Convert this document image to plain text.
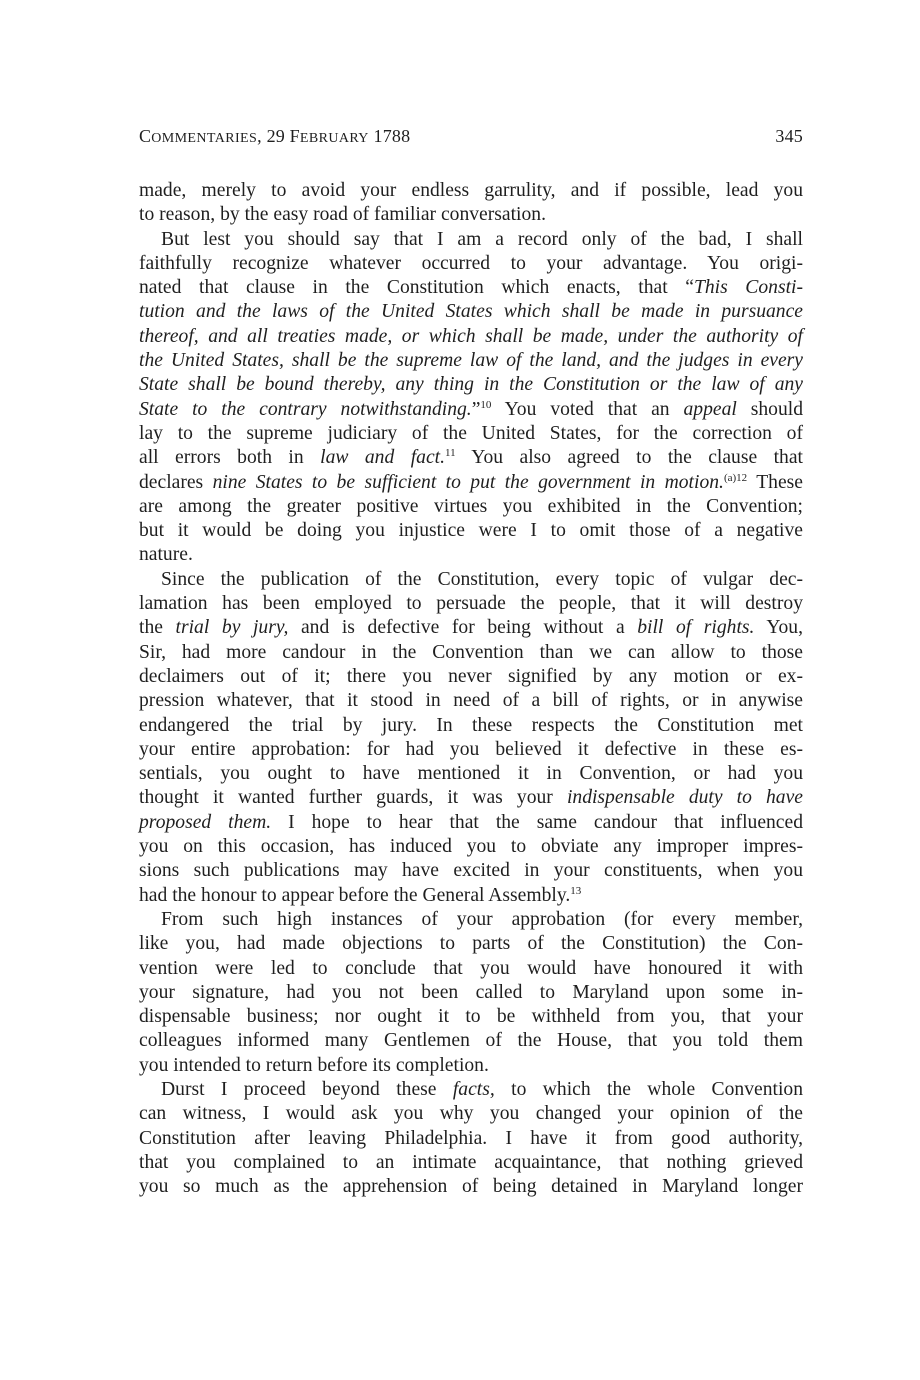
COMMENTARIES, 29 FEBRUARY 1788	345
made, merely to avoid your endless garrulity, and if possible, lead you
to reason, by the easy road of familiar conversation.
But lest you should say that I am a record only of the bad, I shall
faithfully recognize whatever occurred to your advantage. You origi-
nated that clause in the Constitution which enacts, that “This Consti-
tution and the laws of the United States which shall be made in pursuance
thereof, and all treaties made, or which shall be made, under the authority of
the United States, shall be the supreme law of the land, and the judges in every
State shall be bound thereby, any thing in the Constitution or the law of any
State to the contrary notwithstanding.”$^{10}$ You voted that an appeal should
lay to the supreme judiciary of the United States, for the correction of
all errors both in law and fact.$^{11}$ You also agreed to the clause that
declares nine States to be sufficient to put the government in motion.$^{(a)12}$ These
are among the greater positive virtues you exhibited in the Convention;
but it would be doing you injustice were I to omit those of a negative
nature.
Since the publication of the Constitution, every topic of vulgar dec-
lamation has been employed to persuade the people, that it will destroy
the trial by jury, and is defective for being without a bill of rights. You,
Sir, had more candour in the Convention than we can allow to those
declaimers out of it; there you never signified by any motion or ex-
pression whatever, that it stood in need of a bill of rights, or in anywise
endangered the trial by jury. In these respects the Constitution met
your entire approbation: for had you believed it defective in these es-
sentials, you ought to have mentioned it in Convention, or had you
thought it wanted further guards, it was your indispensable duty to have
proposed them. I hope to hear that the same candour that influenced
you on this occasion, has induced you to obviate any improper impres-
sions such publications may have excited in your constituents, when you
had the honour to appear before the General Assembly.$^{13}$
From such high instances of your approbation (for every member,
like you, had made objections to parts of the Constitution) the Con-
vention were led to conclude that you would have honoured it with
your signature, had you not been called to Maryland upon some in-
dispensable business; nor ought it to be withheld from you, that your
colleagues informed many Gentlemen of the House, that you told them
you intended to return before its completion.
Durst I proceed beyond these facts, to which the whole Convention
can witness, I would ask you why you changed your opinion of the
Constitution after leaving Philadelphia. I have it from good authority,
that you complained to an intimate acquaintance, that nothing grieved
you so much as the apprehension of being detained in Maryland longer
